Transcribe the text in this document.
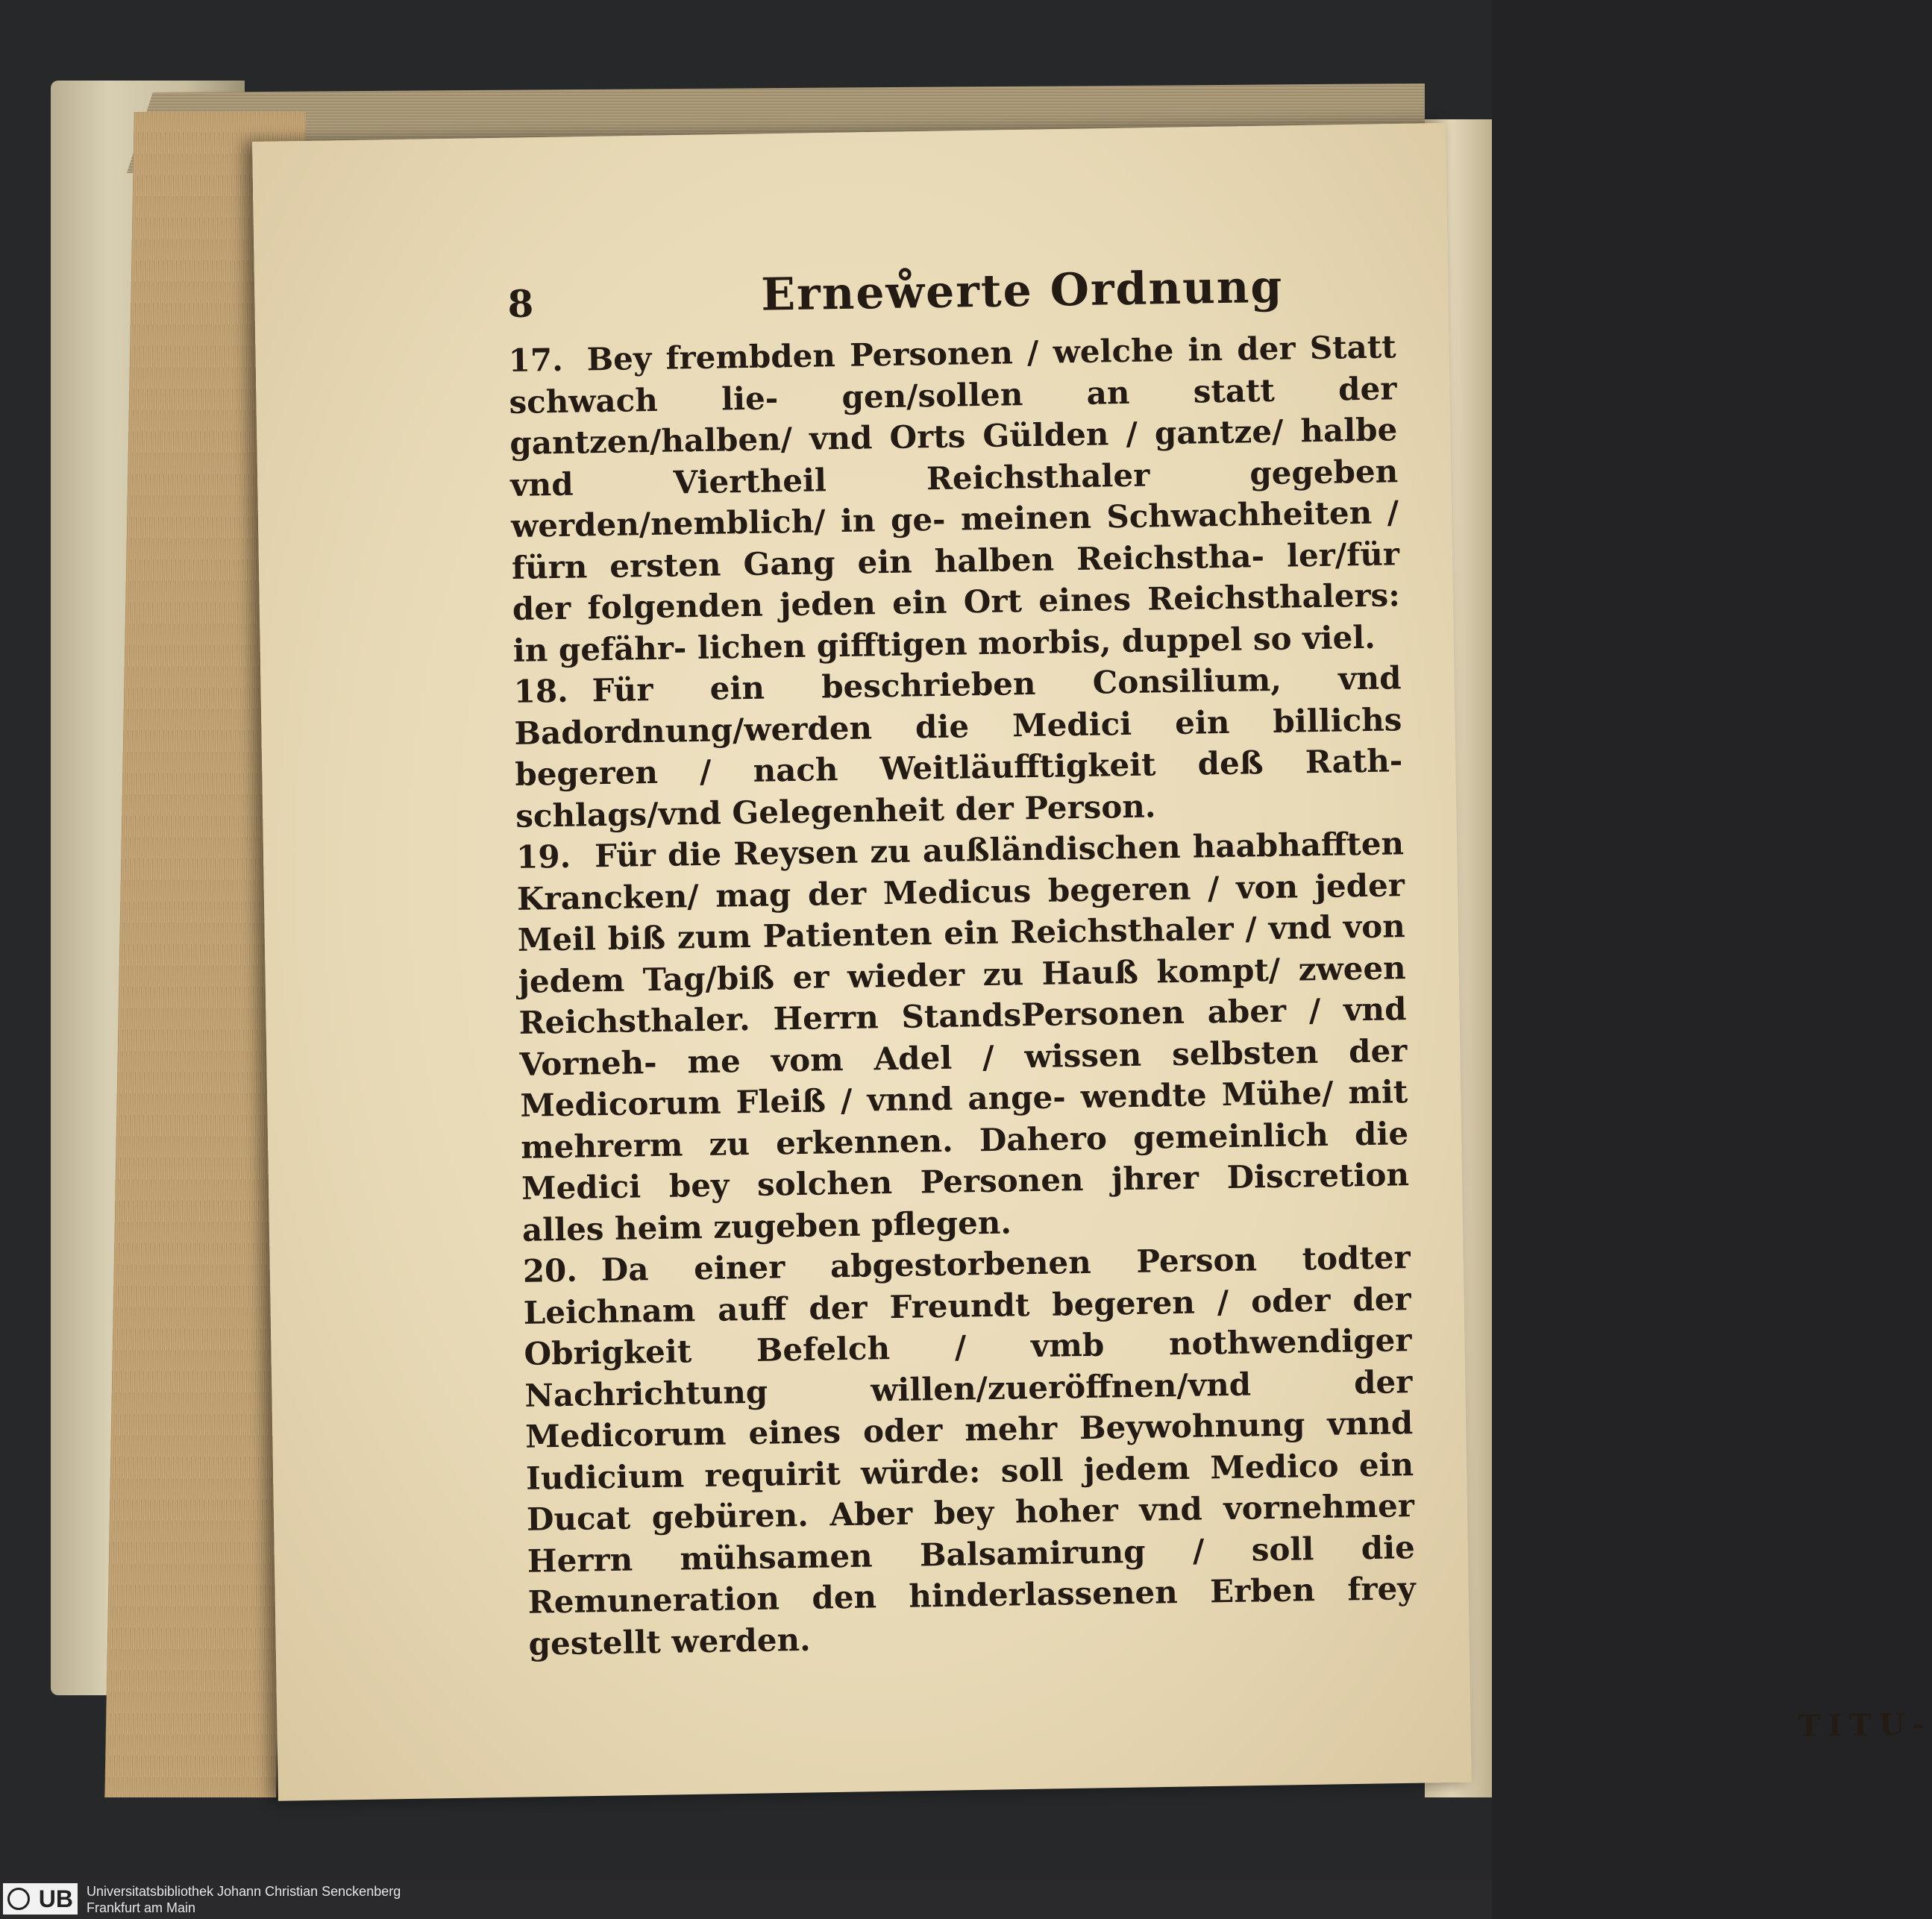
8	Erneẘerte Ordnung

17. Bey frembden Personen / welche in der Statt schwach lie- gen/sollen an statt der gantzen/halben/ vnd Orts Gülden / gantze/ halbe vnd Viertheil Reichsthaler gegeben werden/nemblich/ in ge- meinen Schwachheiten / fürn ersten Gang ein halben Reichstha- ler/für der folgenden jeden ein Ort eines Reichsthalers: in gefähr- lichen gifftigen morbis, duppel so viel.

18. Für ein beschrieben Consilium, vnd Badordnung/werden die Medici ein billichs begeren / nach Weitläufftigkeit deß Rath- schlags/vnd Gelegenheit der Person.

19. Für die Reysen zu außländischen haabhafften Krancken/ mag der Medicus begeren / von jeder Meil biß zum Patienten ein Reichsthaler / vnd von jedem Tag/biß er wieder zu Hauß kompt/ zween Reichsthaler. Herrn StandsPersonen aber / vnd Vorneh- me vom Adel / wissen selbsten der Medicorum Fleiß / vnnd ange- wendte Mühe/ mit mehrerm zu erkennen. Dahero gemeinlich die Medici bey solchen Personen jhrer Discretion alles heim zugeben pflegen.

20. Da einer abgestorbenen Person todter Leichnam auff der Freundt begeren / oder der Obrigkeit Befelch / vmb nothwendiger Nachrichtung willen/zueröffnen/vnd der Medicorum eines oder mehr Beywohnung vnnd Iudicium requirit würde: soll jedem Medico ein Ducat gebüren. Aber bey hoher vnd vornehmer Herrn mühsamen Balsamirung / soll die Remuneration den hinderlassenen Erben frey gestellt werden.

TITU-
UB	Universitatsbibliothek Johann Christian Senckenberg
Frankfurt am Main
